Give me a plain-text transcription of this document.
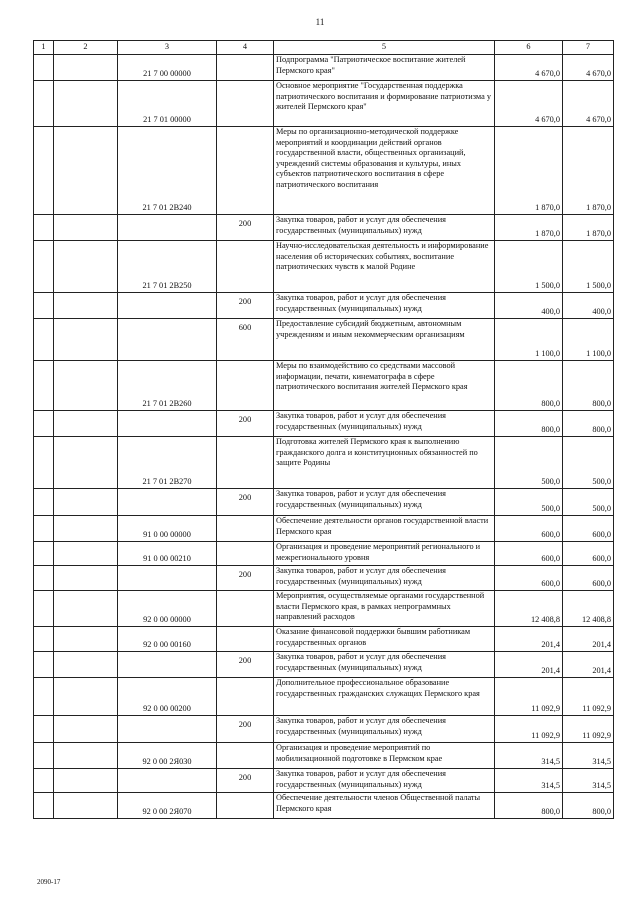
11
1	2	3	4	5	6	7
		21 7 00 00000		Подпрограмма "Патриотическое воспитание жителей Пермского края"	4 670,0	4 670,0
		21 7 01 00000		Основное мероприятие "Государственная поддержка патриотического воспитания и формирование патриотизма у жителей Пермского края"	4 670,0	4 670,0
		21 7 01 2В240		Меры по организационно-методической поддержке мероприятий и координации действий органов государственной власти, общественных организаций, учреждений системы образования и культуры, иных субъектов патриотического воспитания в сфере патриотического воспитания	1 870,0	1 870,0
			200	Закупка товаров, работ и услуг для обеспечения государственных (муниципальных) нужд	1 870,0	1 870,0
		21 7 01 2В250		Научно-исследовательская деятельность и информирование населения об исторических событиях, воспитание патриотических чувств к малой Родине	1 500,0	1 500,0
			200	Закупка товаров, работ и услуг для обеспечения государственных (муниципальных) нужд	400,0	400,0
			600	Предоставление субсидий бюджетным, автономным учреждениям и иным некоммерческим организациям	1 100,0	1 100,0
		21 7 01 2В260		Меры по взаимодействию со средствами массовой информации, печати, кинематографа в сфере патриотического воспитания жителей Пермского края	800,0	800,0
			200	Закупка товаров, работ и услуг для обеспечения государственных (муниципальных) нужд	800,0	800,0
		21 7 01 2В270		Подготовка жителей Пермского края к выполнению гражданского долга и конституционных обязанностей по защите Родины	500,0	500,0
			200	Закупка товаров, работ и услуг для обеспечения государственных (муниципальных) нужд	500,0	500,0
		91 0 00 00000		Обеспечение деятельности органов государственной власти Пермского края	600,0	600,0
		91 0 00 00210		Организация и проведение мероприятий регионального и межрегионального уровня	600,0	600,0
			200	Закупка товаров, работ и услуг для обеспечения государственных (муниципальных) нужд	600,0	600,0
		92 0 00 00000		Мероприятия, осуществляемые органами государственной власти Пермского края, в рамках непрограммных направлений расходов	12 408,8	12 408,8
		92 0 00 00160		Оказание финансовой поддержки бывшим работникам государственных органов	201,4	201,4
			200	Закупка товаров, работ и услуг для обеспечения государственных (муниципальных) нужд	201,4	201,4
		92 0 00 00200		Дополнительное профессиональное образование государственных гражданских служащих Пермского края	11 092,9	11 092,9
			200	Закупка товаров, работ и услуг для обеспечения государственных (муниципальных) нужд	11 092,9	11 092,9
		92 0 00 2Я030		Организация и проведение мероприятий по мобилизационной подготовке в Пермском крае	314,5	314,5
			200	Закупка товаров, работ и услуг для обеспечения государственных (муниципальных) нужд	314,5	314,5
		92 0 00 2Я070		Обеспечение деятельности членов Общественной палаты Пермского края	800,0	800,0
2090-17
